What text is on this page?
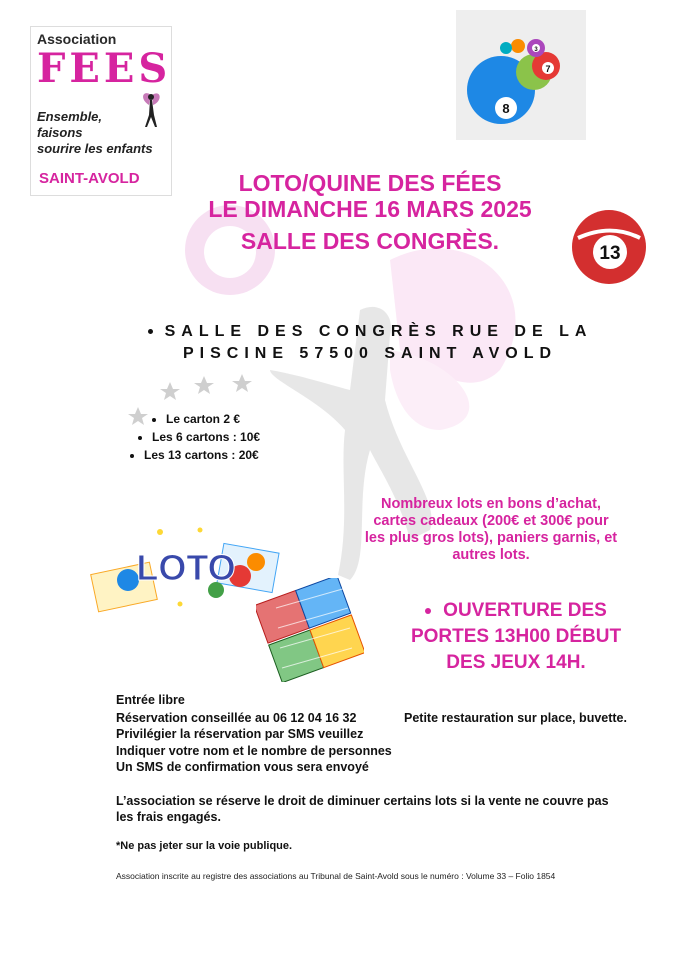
Association
FEES
Ensemble,
faisons
sourire les enfants
SAINT-AVOLD
8
7
3
LOTO/QUINE DES FÉES
LE DIMANCHE 16 MARS 2025
SALLE DES CONGRÈS.	13
SALLE DES CONGRÈS RUE DE LA
PISCINE 57500 SAINT AVOLD
Le carton 2 €
Les 6 cartons : 10€
Les 13 cartons : 20€
Nombreux lots en bons d’achat,
cartes cadeaux (200€ et 300€ pour
les plus gros lots), paniers garnis, et
autres lots.
LOTO
OUVERTURE DES
PORTES 13H00 DÉBUT
DES JEUX 14H.
Entrée libre
Réservation conseillée au 06 12 04 16 32	Petite restauration sur place, buvette.
Privilégier la réservation par SMS veuillez
Indiquer votre nom et le nombre de personnes
Un SMS de confirmation vous sera envoyé
L’association se réserve le droit de diminuer certains lots si la vente ne couvre pas
les frais engagés.
*Ne pas jeter sur la voie publique.
Association inscrite au registre des associations au Tribunal de Saint-Avold sous le numéro : Volume 33 – Folio 1854
